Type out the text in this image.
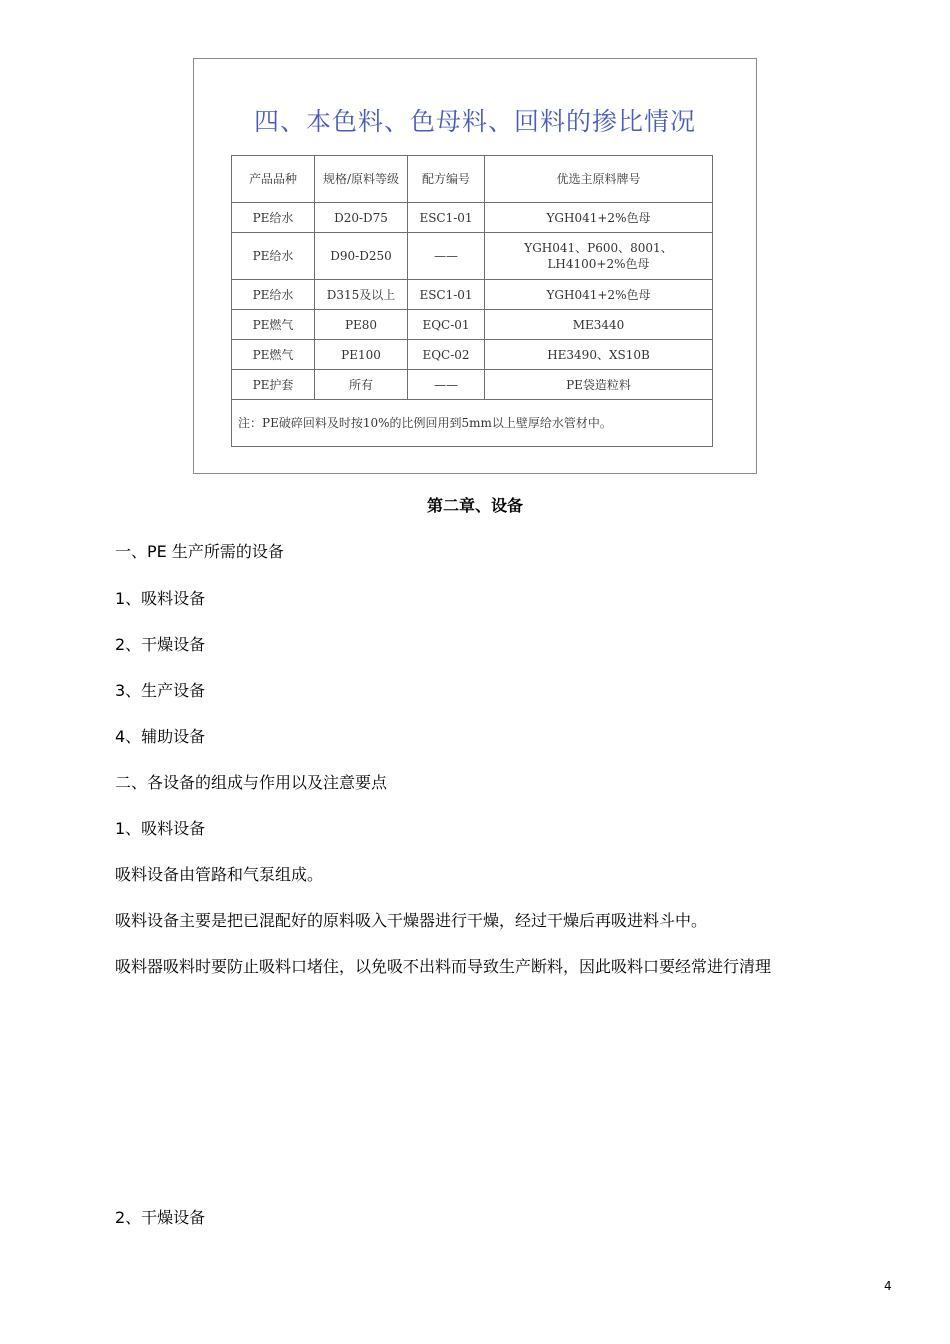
四、本色料、色母料、回料的掺比情况
产品品种	规格/原料等级	配方编号	优选主原料牌号
PE给水	D20-D75	ESC1-01	YGH041+2%色母
PE给水	D90-D250	——	YGH041、P600、8001、LH4100+2%色母
PE给水	D315及以上	ESC1-01	YGH041+2%色母
PE燃气	PE80	EQC-01	ME3440
PE燃气	PE100	EQC-02	HE3490、XS10B
PE护套	所有	——	PE袋造粒料
注：PE破碎回料及时按10%的比例回用到5mm以上壁厚给水管材中。			
第二章、设备
一、PE 生产所需的设备
1、吸料设备
2、干燥设备
3、生产设备
4、辅助设备
二、各设备的组成与作用以及注意要点
1、吸料设备
吸料设备由管路和气泵组成。
吸料设备主要是把已混配好的原料吸入干燥器进行干燥，经过干燥后再吸进料斗中。
吸料器吸料时要防止吸料口堵住，以免吸不出料而导致生产断料，因此吸料口要经常进行清理
2、干燥设备
4
